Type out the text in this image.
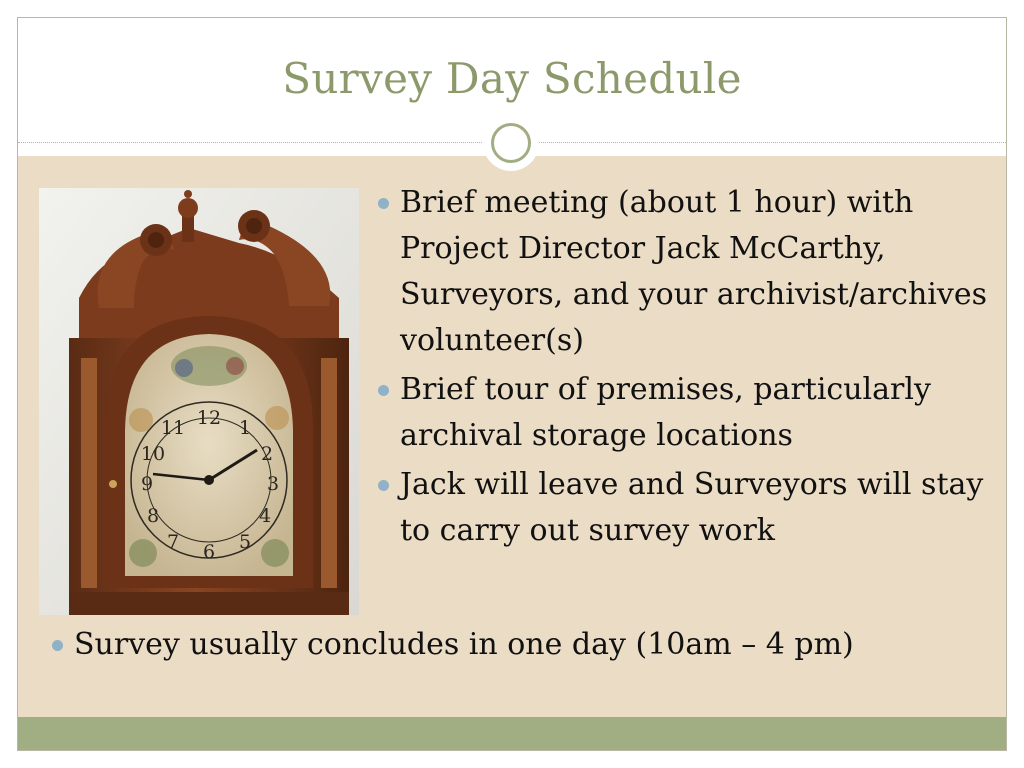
Survey Day Schedule
12 1
2
3
4
5
6
7
8
9
10
11
Brief meeting (about 1 hour) with Project Director Jack McCarthy, Surveyors, and your archivist/archives volunteer(s)
Brief tour of premises, particularly archival storage locations
Jack will leave and Surveyors will stay to carry out survey work
Survey usually concludes in one day (10am – 4 pm)
